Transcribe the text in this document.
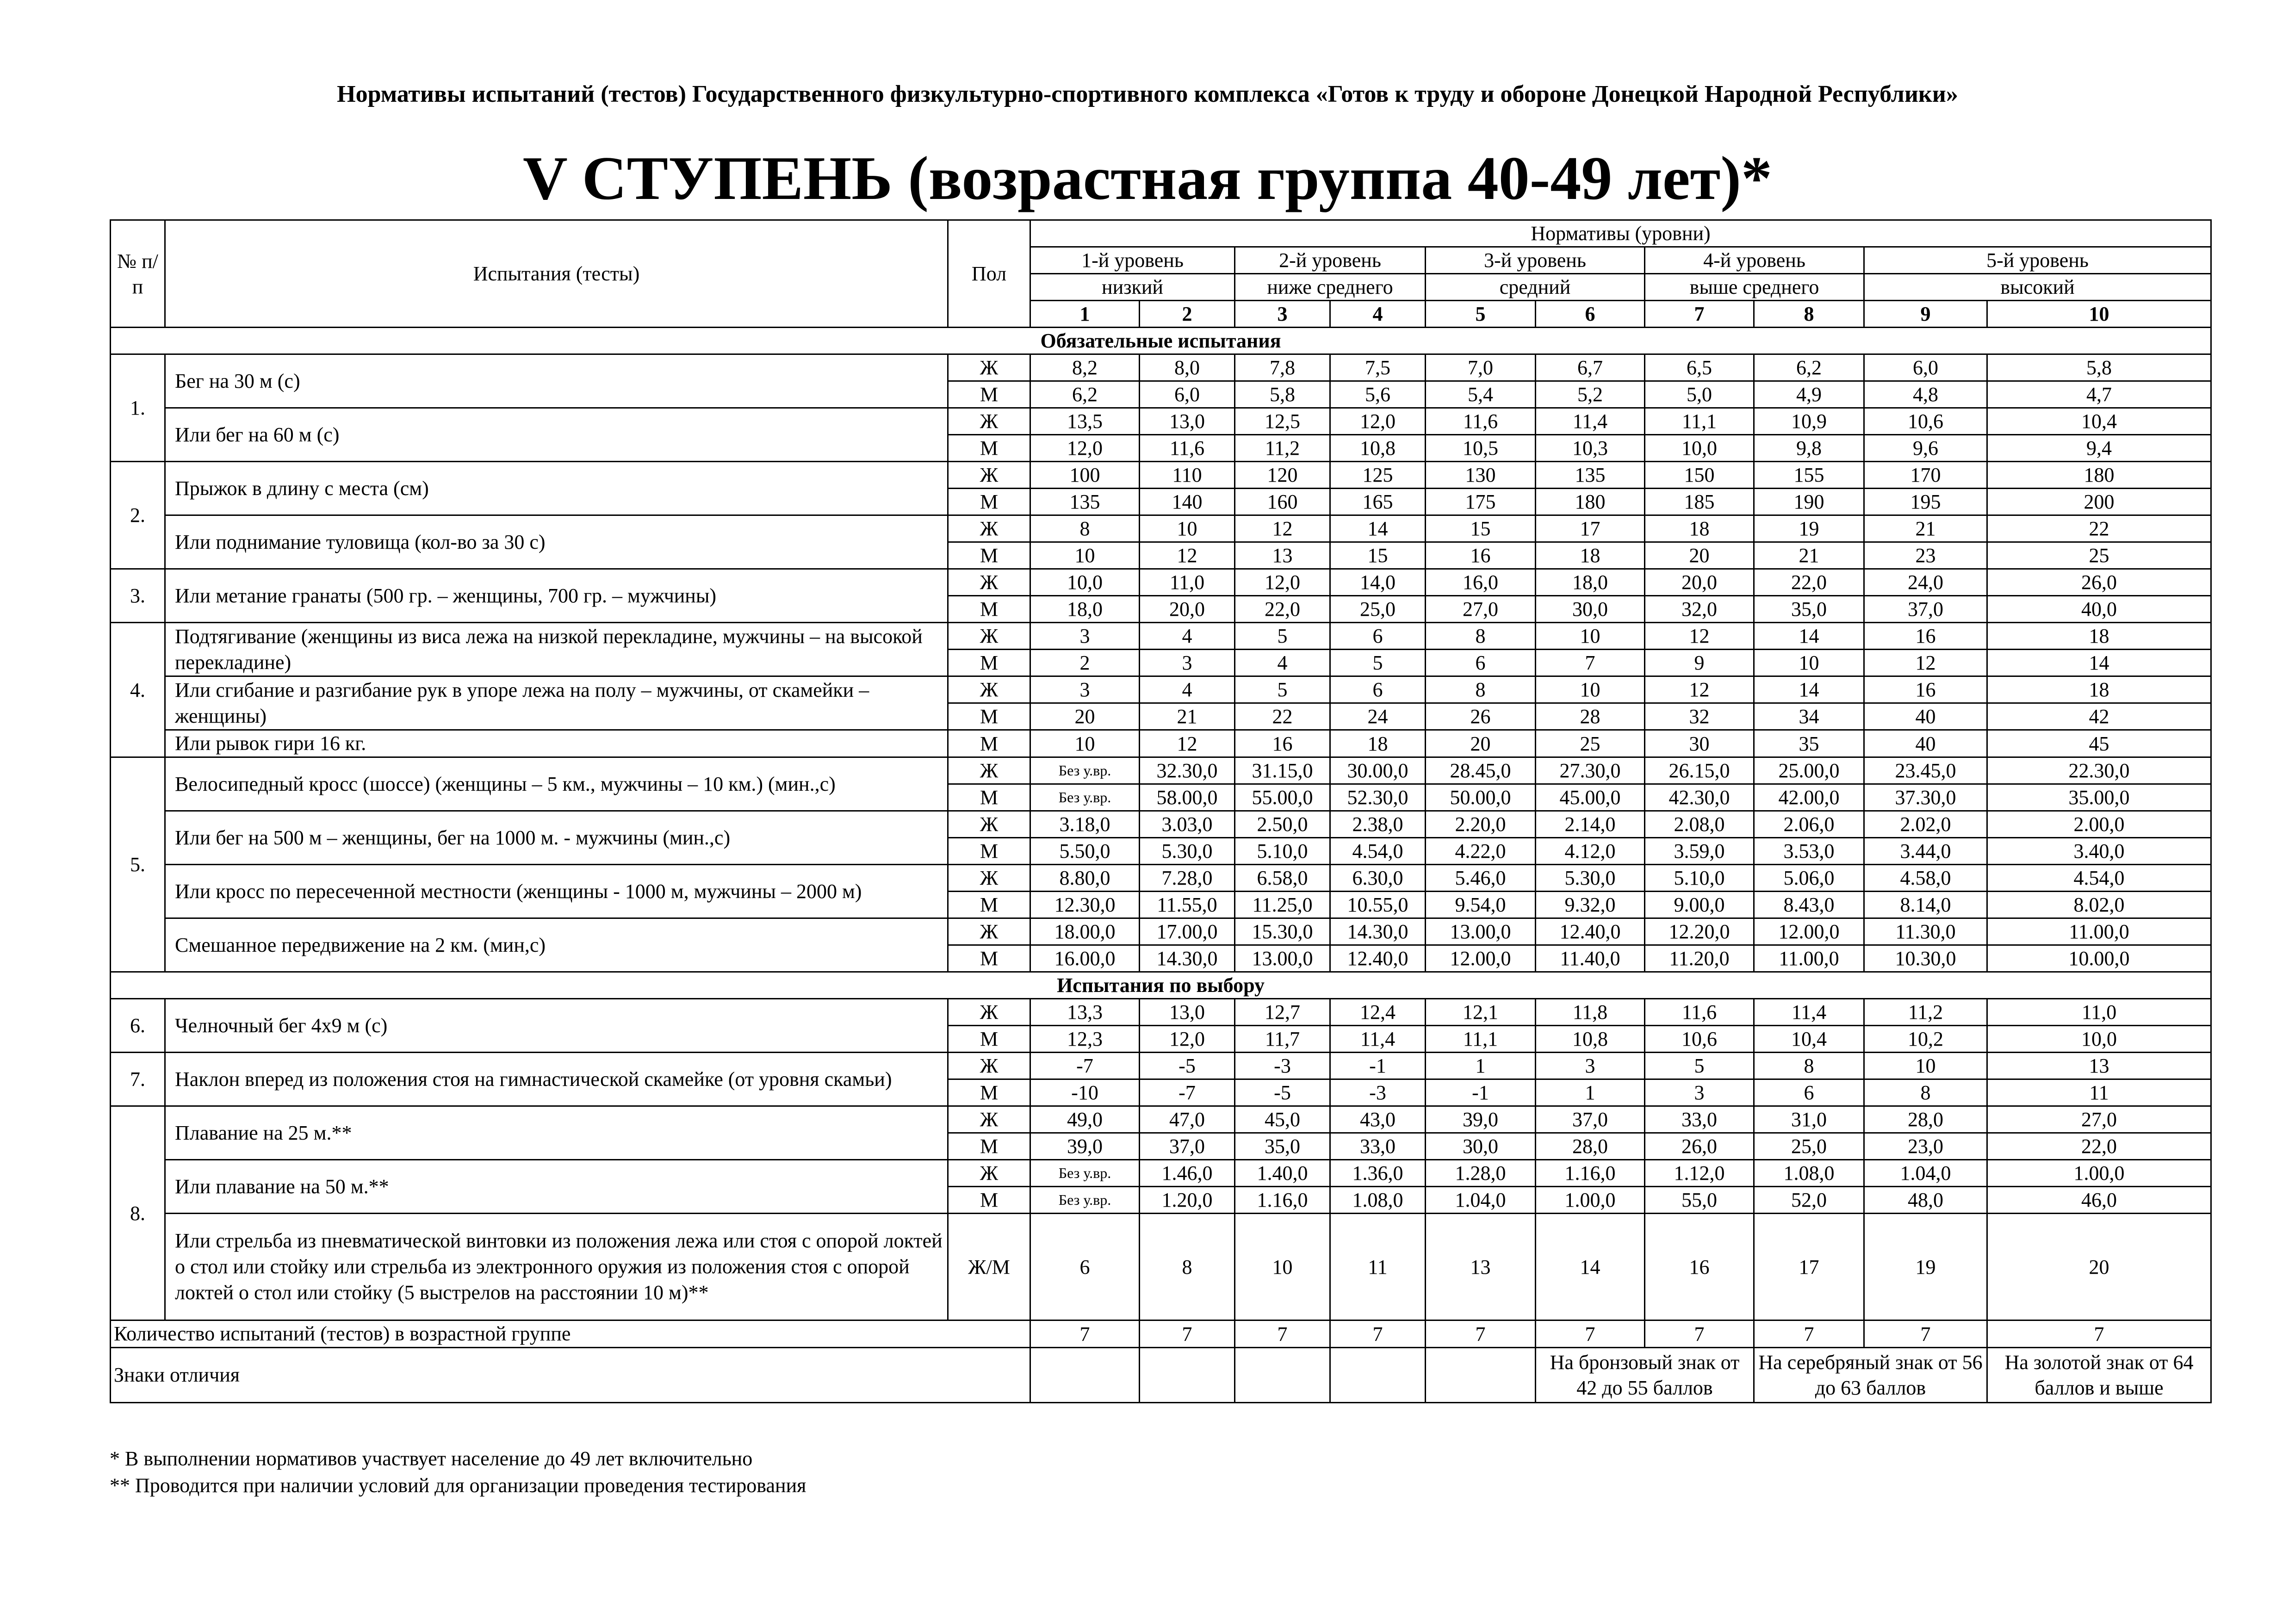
Нормативы испытаний (тестов) Государственного физкультурно-спортивного комплекса «Готов к труду и обороне Донецкой Народной Республики»
V СТУПЕНЬ (возрастная группа 40-49 лет)*
№ п/п	Испытания (тесты)	Пол	Нормативы (уровни)									
			1-й уровень		2-й уровень		3-й уровень		4-й уровень		5-й уровень	
			низкий		ниже среднего		средний		выше среднего		высокий	
			1	2	3	4	5	6	7	8	9	10
Обязательные испытания												
1.	Бег на 30 м (с)	Ж	8,2	8,0	7,8	7,5	7,0	6,7	6,5	6,2	6,0	5,8
		М	6,2	6,0	5,8	5,6	5,4	5,2	5,0	4,9	4,8	4,7
	Или бег на 60 м (с)	Ж	13,5	13,0	12,5	12,0	11,6	11,4	11,1	10,9	10,6	10,4
		М	12,0	11,6	11,2	10,8	10,5	10,3	10,0	9,8	9,6	9,4
2.	Прыжок в длину с места (см)	Ж	100	110	120	125	130	135	150	155	170	180
		М	135	140	160	165	175	180	185	190	195	200
	Или поднимание туловища (кол-во за 30 с)	Ж	8	10	12	14	15	17	18	19	21	22
		М	10	12	13	15	16	18	20	21	23	25
3.	Или метание гранаты (500 гр. – женщины, 700 гр. – мужчины)	Ж	10,0	11,0	12,0	14,0	16,0	18,0	20,0	22,0	24,0	26,0
		М	18,0	20,0	22,0	25,0	27,0	30,0	32,0	35,0	37,0	40,0
4.	Подтягивание (женщины из виса лежа на низкой перекладине, мужчины – на высокой перекладине)	Ж	3	4	5	6	8	10	12	14	16	18
		М	2	3	4	5	6	7	9	10	12	14
	Или сгибание и разгибание рук в упоре лежа на полу – мужчины, от скамейки – женщины)	Ж	3	4	5	6	8	10	12	14	16	18
		М	20	21	22	24	26	28	32	34	40	42
	Или рывок гири 16 кг.	М	10	12	16	18	20	25	30	35	40	45
5.	Велосипедный кросс (шоссе) (женщины – 5 км., мужчины – 10 км.) (мин.,с)	Ж	Без у.вр.	32.30,0	31.15,0	30.00,0	28.45,0	27.30,0	26.15,0	25.00,0	23.45,0	22.30,0
		М	Без у.вр.	58.00,0	55.00,0	52.30,0	50.00,0	45.00,0	42.30,0	42.00,0	37.30,0	35.00,0
	Или бег на 500 м – женщины, бег на 1000 м. - мужчины (мин.,с)	Ж	3.18,0	3.03,0	2.50,0	2.38,0	2.20,0	2.14,0	2.08,0	2.06,0	2.02,0	2.00,0
		М	5.50,0	5.30,0	5.10,0	4.54,0	4.22,0	4.12,0	3.59,0	3.53,0	3.44,0	3.40,0
	Или кросс по пересеченной местности (женщины - 1000 м, мужчины – 2000 м)	Ж	8.80,0	7.28,0	6.58,0	6.30,0	5.46,0	5.30,0	5.10,0	5.06,0	4.58,0	4.54,0
		М	12.30,0	11.55,0	11.25,0	10.55,0	9.54,0	9.32,0	9.00,0	8.43,0	8.14,0	8.02,0
	Смешанное передвижение на 2 км. (мин,с)	Ж	18.00,0	17.00,0	15.30,0	14.30,0	13.00,0	12.40,0	12.20,0	12.00,0	11.30,0	11.00,0
		М	16.00,0	14.30,0	13.00,0	12.40,0	12.00,0	11.40,0	11.20,0	11.00,0	10.30,0	10.00,0
Испытания по выбору												
6.	Челночный бег 4х9 м (с)	Ж	13,3	13,0	12,7	12,4	12,1	11,8	11,6	11,4	11,2	11,0
		М	12,3	12,0	11,7	11,4	11,1	10,8	10,6	10,4	10,2	10,0
7.	Наклон вперед из положения стоя на гимнастической скамейке (от уровня скамьи)	Ж	-7	-5	-3	-1	1	3	5	8	10	13
		М	-10	-7	-5	-3	-1	1	3	6	8	11
8.	Плавание на 25 м.**	Ж	49,0	47,0	45,0	43,0	39,0	37,0	33,0	31,0	28,0	27,0
		М	39,0	37,0	35,0	33,0	30,0	28,0	26,0	25,0	23,0	22,0
	Или плавание на 50 м.**	Ж	Без у.вр.	1.46,0	1.40,0	1.36,0	1.28,0	1.16,0	1.12,0	1.08,0	1.04,0	1.00,0
		М	Без у.вр.	1.20,0	1.16,0	1.08,0	1.04,0	1.00,0	55,0	52,0	48,0	46,0
	Или стрельба из пневматической винтовки из положения лежа или стоя с опорой локтей о стол или стойку или стрельба из электронного оружия из положения стоя с опорой локтей о стол или стойку (5 выстрелов на расстоянии 10 м)**	Ж/М	6	8	10	11	13	14	16	17	19	20
Количество испытаний (тестов) в возрастной группе			7	7	7	7	7	7	7	7	7	7
Знаки отличия								На бронзовый знак от 42 до 55 баллов		На серебряный знак от 56 до 63 баллов		На золотой знак от 64 баллов и выше
* В выполнении нормативов участвует население до 49 лет включительно
** Проводится при наличии условий для организации проведения тестирования
